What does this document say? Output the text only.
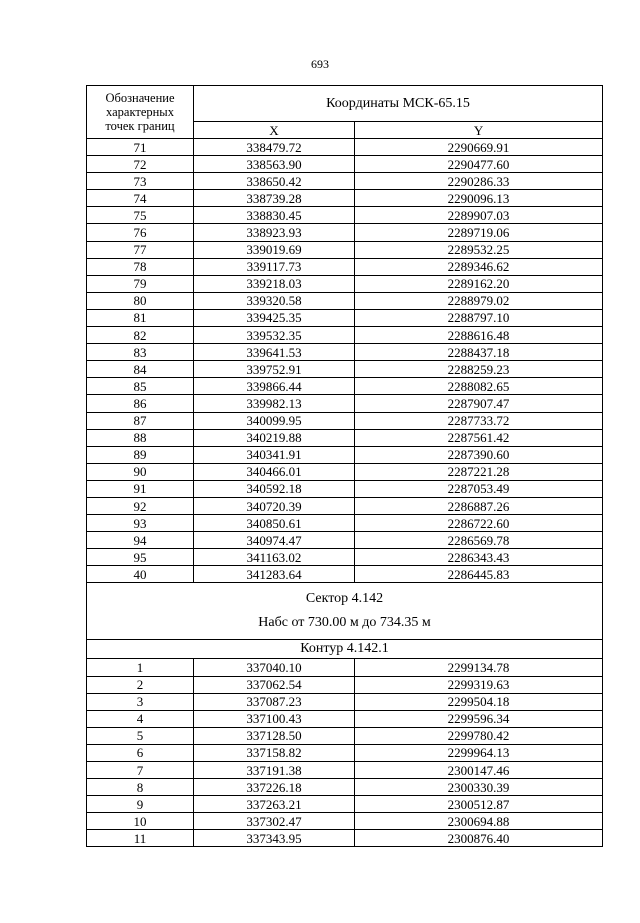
693
Обозначение
характерных
точек границ	Координаты МСК-65.15	
	X	Y
71	338479.72	2290669.91
72	338563.90	2290477.60
73	338650.42	2290286.33
74	338739.28	2290096.13
75	338830.45	2289907.03
76	338923.93	2289719.06
77	339019.69	2289532.25
78	339117.73	2289346.62
79	339218.03	2289162.20
80	339320.58	2288979.02
81	339425.35	2288797.10
82	339532.35	2288616.48
83	339641.53	2288437.18
84	339752.91	2288259.23
85	339866.44	2288082.65
86	339982.13	2287907.47
87	340099.95	2287733.72
88	340219.88	2287561.42
89	340341.91	2287390.60
90	340466.01	2287221.28
91	340592.18	2287053.49
92	340720.39	2286887.26
93	340850.61	2286722.60
94	340974.47	2286569.78
95	341163.02	2286343.43
40	341283.64	2286445.83

Сектор 4.142
Набс от 730.00 м до 734.35 м		

Контур 4.142.1		
1	337040.10	2299134.78
2	337062.54	2299319.63
3	337087.23	2299504.18
4	337100.43	2299596.34
5	337128.50	2299780.42
6	337158.82	2299964.13
7	337191.38	2300147.46
8	337226.18	2300330.39
9	337263.21	2300512.87
10	337302.47	2300694.88
11	337343.95	2300876.40
